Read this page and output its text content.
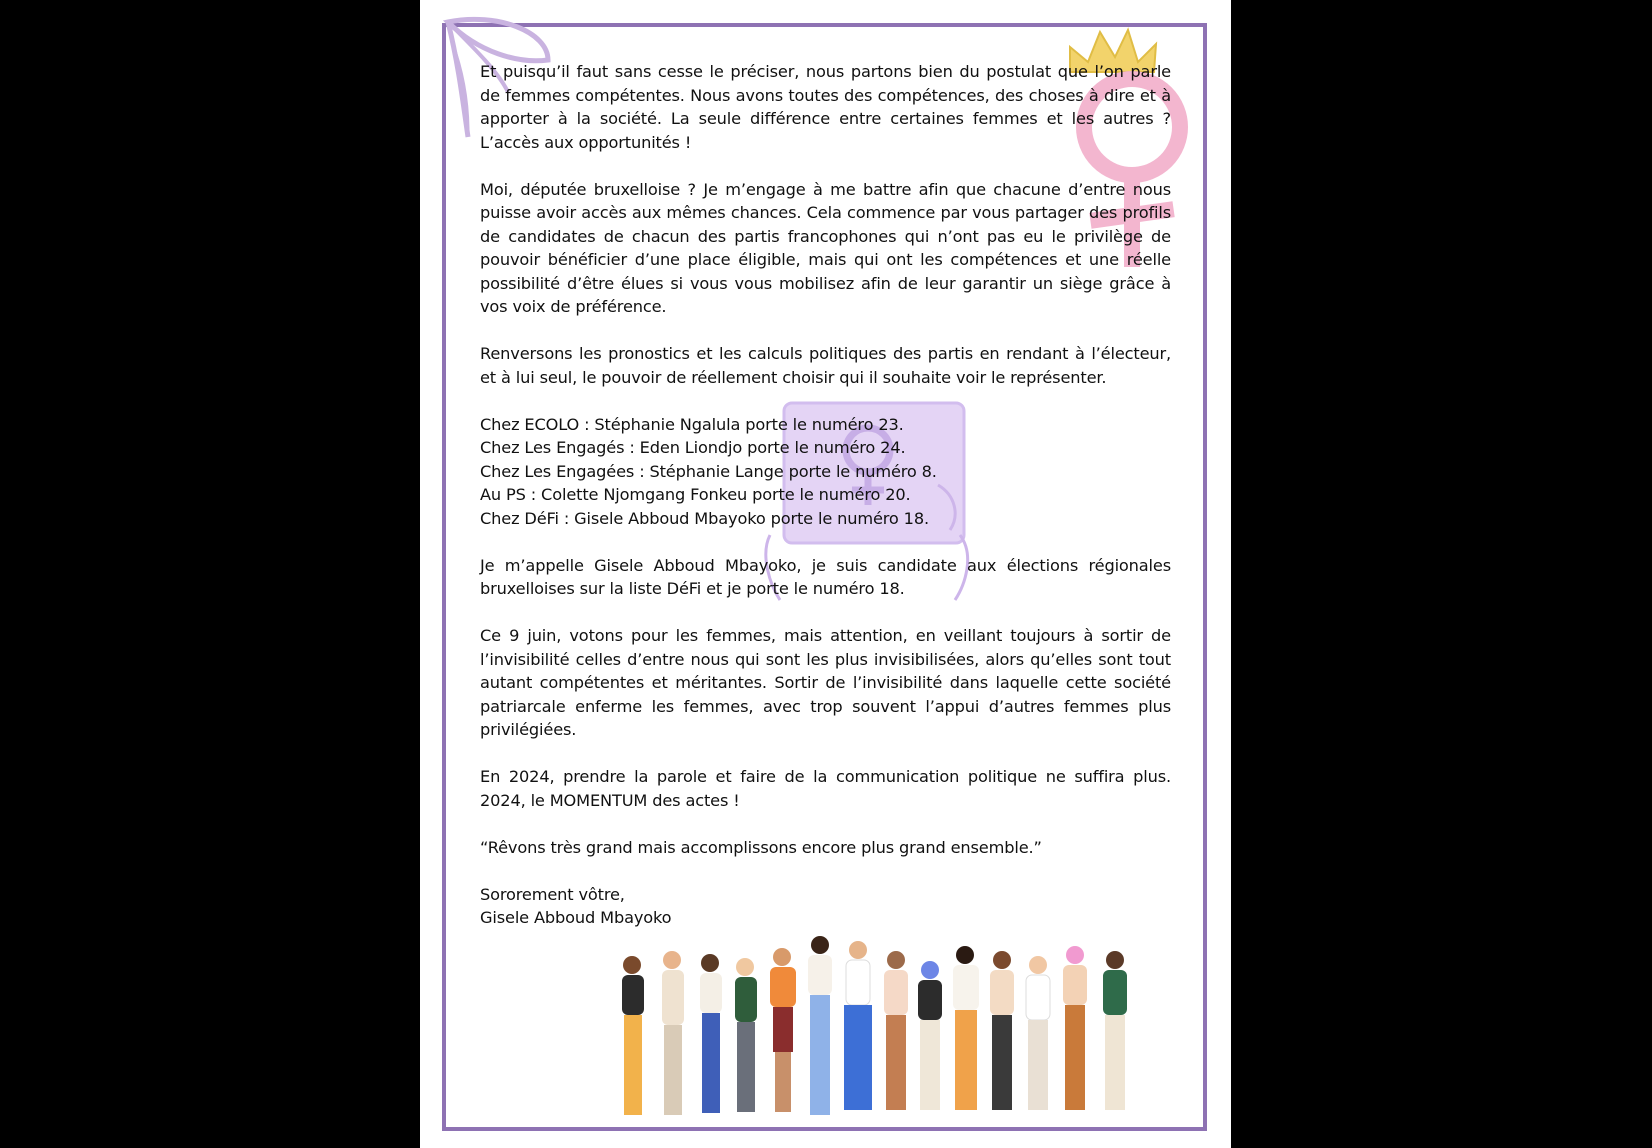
Et puisqu’il faut sans cesse le préciser, nous partons bien du postulat que l’on parle de femmes compétentes. Nous avons toutes des compétences, des choses à dire et à apporter à la société. La seule différence entre certaines femmes et les autres ? L’accès aux opportunités !

Moi, députée bruxelloise ? Je m’engage à me battre afin que chacune d’entre nous puisse avoir accès aux mêmes chances. Cela commence par vous partager des profils de candidates de chacun des partis francophones qui n’ont pas eu le privilège de pouvoir bénéficier d’une place éligible, mais qui ont les compétences et une réelle possibilité d’être élues si vous vous mobilisez afin de leur garantir un siège grâce à vos voix de préférence.

Renversons les pronostics et les calculs politiques des partis en rendant à l’électeur, et à lui seul, le pouvoir de réellement choisir qui il souhaite voir le représenter.

Chez ECOLO : Stéphanie Ngalula porte le numéro 23.
Chez Les Engagés : Eden Liondjo porte le numéro 24.
Chez Les Engagées : Stéphanie Lange porte le numéro 8.
Au PS : Colette Njomgang Fonkeu porte le numéro 20.
Chez DéFi : Gisele Abboud Mbayoko porte le numéro 18.

Je m’appelle Gisele Abboud Mbayoko, je suis candidate aux élections régionales bruxelloises sur la liste DéFi et je porte le numéro 18.

Ce 9 juin, votons pour les femmes, mais attention, en veillant toujours à sortir de l’invisibilité celles d’entre nous qui sont les plus invisibilisées, alors qu’elles sont tout autant compétentes et méritantes. Sortir de l’invisibilité dans laquelle cette société patriarcale enferme les femmes, avec trop souvent l’appui d’autres femmes plus privilégiées.

En 2024, prendre la parole et faire de la communication politique ne suffira plus. 2024, le MOMENTUM des actes !

“Rêvons très grand mais accomplissons encore plus grand ensemble.”

Sororement vôtre,
Gisele Abboud Mbayoko
